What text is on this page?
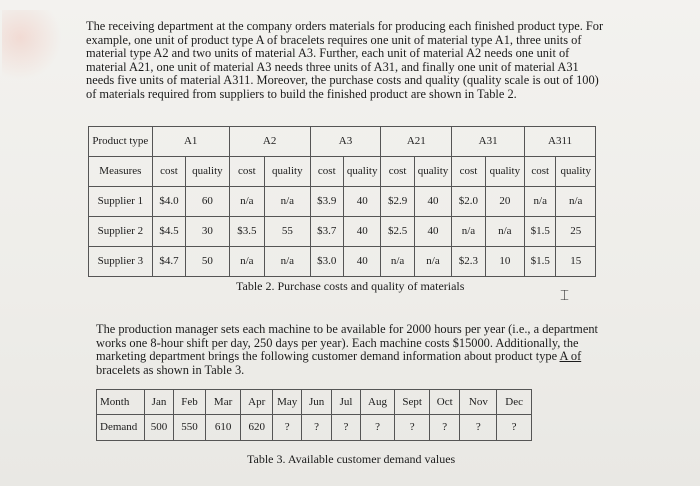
The receiving department at the company orders materials for producing each finished product type. For
example, one unit of product type A of bracelets requires one unit of material type A1, three units of
material type A2 and two units of material A3. Further, each unit of material A2 needs one unit of
material A21, one unit of material A3 needs three units of A31, and finally one unit of material A31
needs five units of material A311. Moreover, the purchase costs and quality (quality scale is out of 100)
of materials required from suppliers to build the finished product are shown in Table 2.
Product type	A1		A2		A3		A21		A31		A311	
Measures	cost	quality	cost	quality	cost	quality	cost	quality	cost	quality	cost	quality
Supplier 1	$4.0	60	n/a	n/a	$3.9	40	$2.9	40	$2.0	20	n/a	n/a
Supplier 2	$4.5	30	$3.5	55	$3.7	40	$2.5	40	n/a	n/a	$1.5	25
Supplier 3	$4.7	50	n/a	n/a	$3.0	40	n/a	n/a	$2.3	10	$1.5	15
Table 2. Purchase costs and quality of materials	⌶
The production manager sets each machine to be available for 2000 hours per year (i.e., a department
works one 8-hour shift per day, 250 days per year). Each machine costs $15000. Additionally, the
marketing department brings the following customer demand information about product type A of
bracelets as shown in Table 3.
Month	Jan	Feb	Mar	Apr	May	Jun	Jul	Aug	Sept	Oct	Nov	Dec
Demand	500	550	610	620	?	?	?	?	?	?	?	?
Table 3. Available customer demand values
